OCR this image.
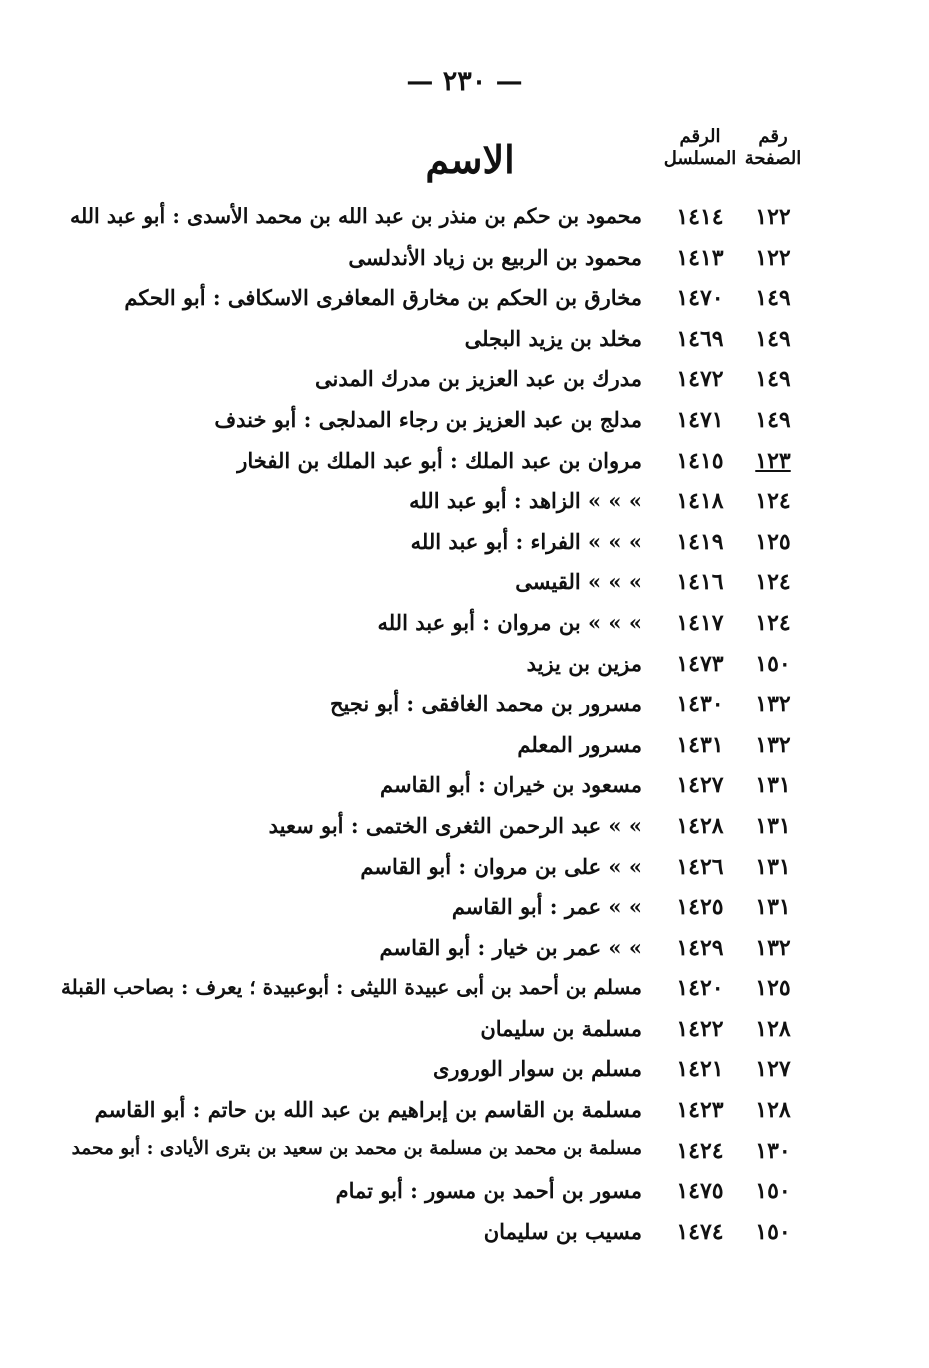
— ٢٣٠ —
رقم
الصفحة
الرقم
المسلسل
الاسم
١٢٢
١٤١٤
محمود بن حكم بن منذر بن عبد الله بن محمد الأسدى : أبو عبد الله
١٢٢
١٤١٣
محمود بن الربيع بن زياد الأندلسى
١٤٩
١٤٧٠
مخارق بن الحكم بن مخارق المعافرى الاسكافى : أبو الحكم
١٤٩
١٤٦٩
مخلد بن يزيد البجلى
١٤٩
١٤٧٢
مدرك بن عبد العزيز بن مدرك المدنى
١٤٩
١٤٧١
مدلج بن عبد العزيز بن رجاء المدلجى : أبو خندف
١٢٣
١٤١٥
مروان بن عبد الملك : أبو عبد الملك بن الفخار
١٢٤
١٤١٨
» » » الزاهد : أبو عبد الله
١٢٥
١٤١٩
» » » الفراء : أبو عبد الله
١٢٤
١٤١٦
» » » القيسى
١٢٤
١٤١٧
» » » بن مروان : أبو عبد الله
١٥٠
١٤٧٣
مزين بن يزيد
١٣٢
١٤٣٠
مسرور بن محمد الغافقى : أبو نجيح
١٣٢
١٤٣١
مسرور المعلم
١٣١
١٤٢٧
مسعود بن خيران : أبو القاسم
١٣١
١٤٢٨
» » عبد الرحمن الثغرى الختمى : أبو سعيد
١٣١
١٤٢٦
» » على بن مروان : أبو القاسم
١٣١
١٤٢٥
» » عمر : أبو القاسم
١٣٢
١٤٢٩
» » عمر بن خيار : أبو القاسم
١٢٥
١٤٢٠
مسلم بن أحمد بن أبى عبيدة الليثى : أبوعبيدة ؛ يعرف : بصاحب القبلة
١٢٨
١٤٢٢
مسلمة بن سليمان
١٢٧
١٤٢١
مسلم بن سوار الورورى
١٢٨
١٤٢٣
مسلمة بن القاسم بن إبراهيم بن عبد الله بن حاتم : أبو القاسم
١٣٠
١٤٢٤
مسلمة بن محمد بن مسلمة بن محمد بن سعيد بن بترى الأيادى : أبو محمد
١٥٠
١٤٧٥
مسور بن أحمد بن مسور : أبو تمام
١٥٠
١٤٧٤
مسيب بن سليمان
